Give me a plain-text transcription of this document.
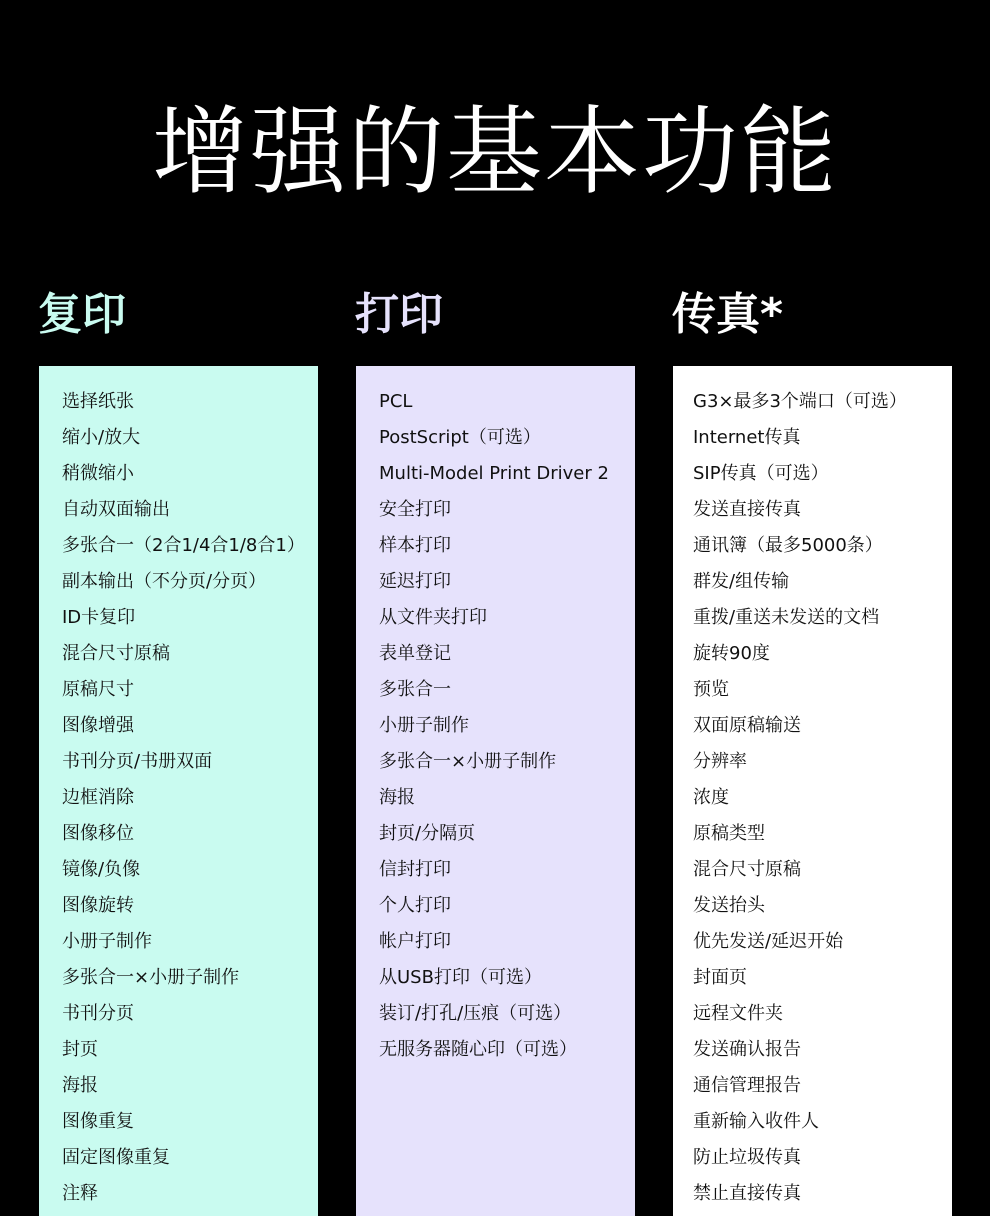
增强的基本功能
复印	打印	传真*
选择纸张
缩小/放大
稍微缩小
自动双面输出
多张合一（2合1/4合1/8合1）
副本输出（不分页/分页）
ID卡复印
混合尺寸原稿
原稿尺寸
图像增强
书刊分页/书册双面
边框消除
图像移位
镜像/负像
图像旋转
小册子制作
多张合一×小册子制作
书刊分页
封页
海报
图像重复
固定图像重复
注释
PCL
PostScript（可选）
Multi-Model Print Driver 2
安全打印
样本打印
延迟打印
从文件夹打印
表单登记
多张合一
小册子制作
多张合一×小册子制作
海报
封页/分隔页
信封打印
个人打印
帐户打印
从USB打印（可选）
装订/打孔/压痕（可选）
无服务器随心印（可选）
G3×最多3个端口（可选）
Internet传真
SIP传真（可选）
发送直接传真
通讯簿（最多5000条）
群发/组传输
重拨/重送未发送的文档
旋转90度
预览
双面原稿输送
分辨率
浓度
原稿类型
混合尺寸原稿
发送抬头
优先发送/延迟开始
封面页
远程文件夹
发送确认报告
通信管理报告
重新输入收件人
防止垃圾传真
禁止直接传真
